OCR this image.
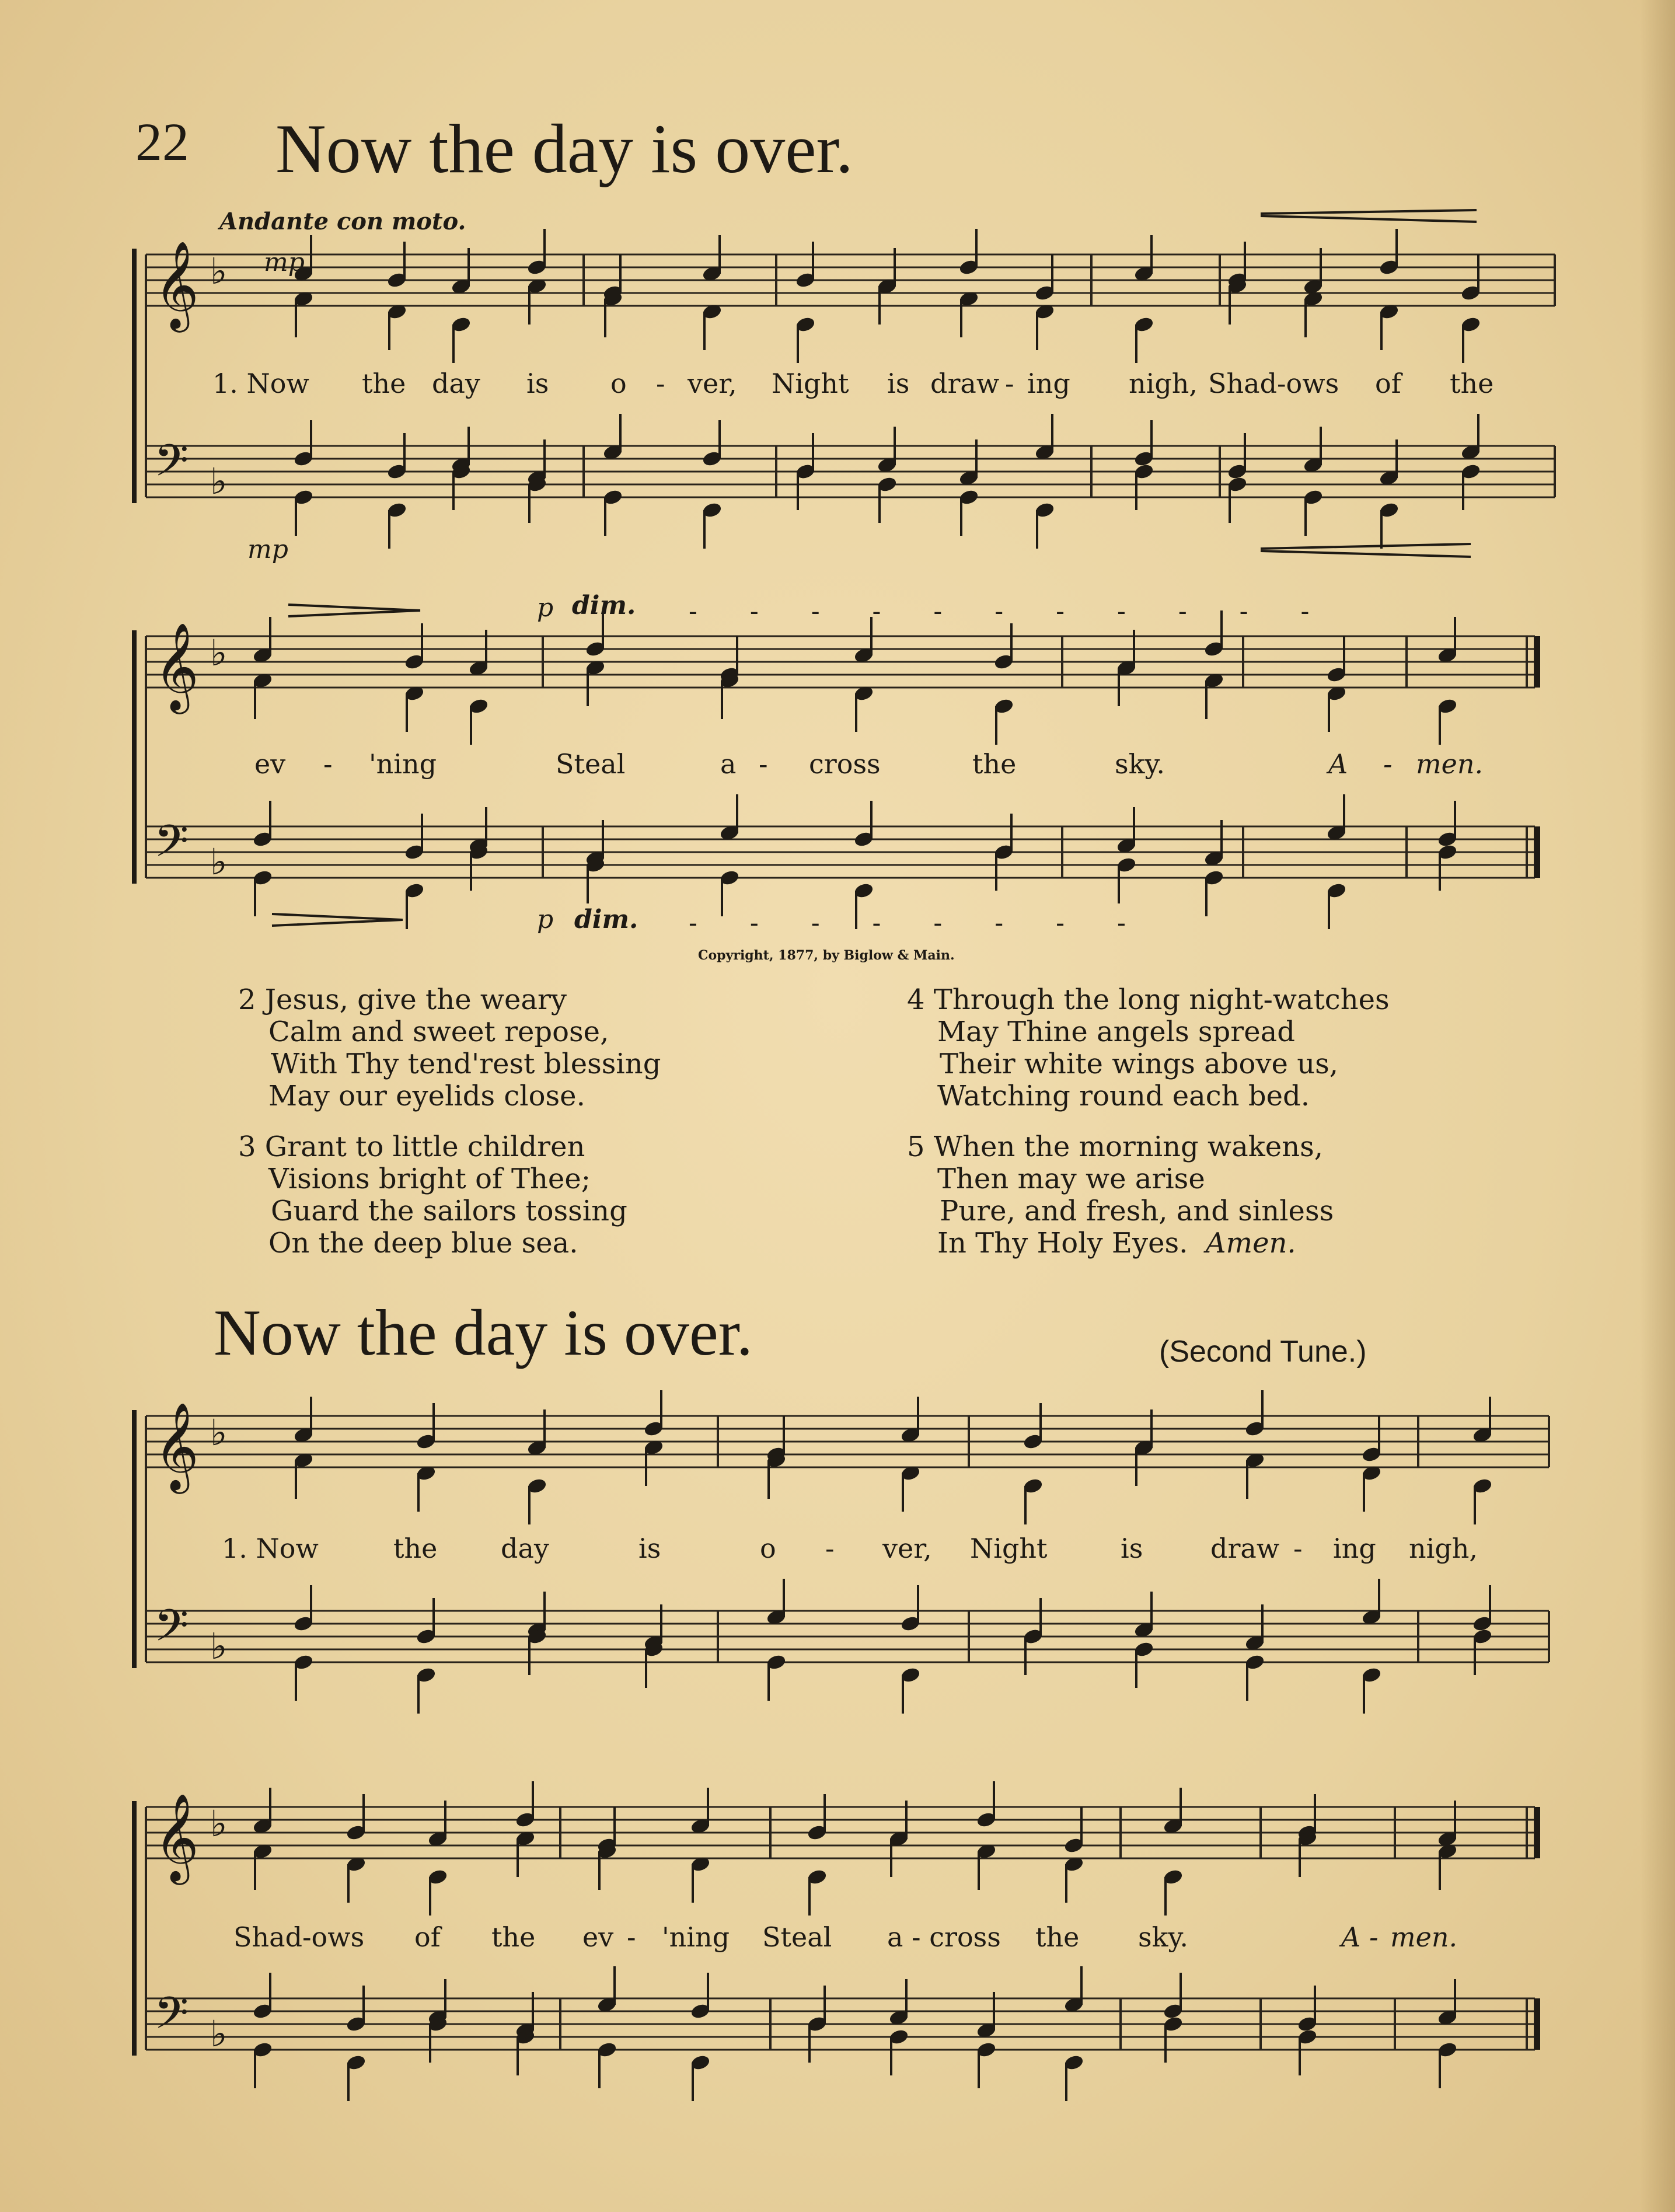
22 Now the day is over.
Andante con moto.
𝄞 ♭
𝄢 ♭
𝄞 ♭
𝄢 ♭
𝄞 ♭
𝄢 ♭
𝄞 ♭
𝄢 ♭
mp
mp
p dim.
p dim.
- - - - - - - - - - -
- - - - - - - -
1. Now the day is o - ver, Night is draw - ing nigh, Shad-ows of the
ev - 'ning	Steal	a - cross	the	sky.	A - men.
Copyright, 1877, by Biglow & Main.
2 Jesus, give the weary
Calm and sweet repose,
With Thy tend'rest blessing
May our eyelids close.
3 Grant to little children
Visions bright of Thee;
Guard the sailors tossing
On the deep blue sea.
4 Through the long night-watches
May Thine angels spread
Their white wings above us,
Watching round each bed.
5 When the morning wakens,
Then may we arise
Pure, and fresh, and sinless
In Thy Holy Eyes. Amen.
Now the day is over.	(Second Tune.)
1. Now	the day	is	o - ver, Night	is	draw - ing nigh,
Shad-ows of the ev - 'ning Steal a - cross the sky.	A - men.
